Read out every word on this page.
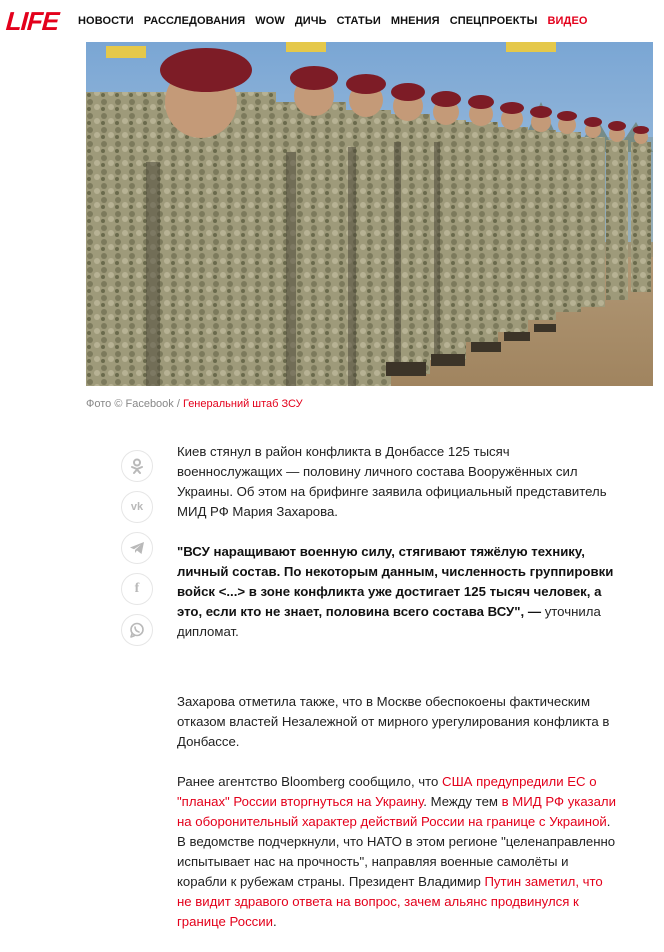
LIFE НОВОСТИ РАССЛЕДОВАНИЯ WOW ДИЧЬ СТАТЬИ МНЕНИЯ СПЕЦПРОЕКТЫ ВИДЕО
Фото © Facebook / Генеральний штаб ЗСУ
vk
f

Киев стянул в район конфликта в Донбассе 125 тысяч военнослужащих — половину личного состава Вооружённых сил Украины. Об этом на брифинге заявила официальный представитель МИД РФ Мария Захарова.

"ВСУ наращивают военную силу, стягивают тяжёлую технику, личный состав. По некоторым данным, численность группировки войск <...> в зоне конфликта уже достигает 125 тысяч человек, а это, если кто не знает, половина всего состава ВСУ", — уточнила дипломат.

Захарова отметила также, что в Москве обеспокоены фактическим отказом властей Незалежной от мирного урегулирования конфликта в Донбассе.

Ранее агентство Bloomberg сообщило, что США предупредили ЕС о "планах" России вторгнуться на Украину. Между тем в МИД РФ указали на оборонительный характер действий России на границе с Украиной. В ведомстве подчеркнули, что НАТО в этом регионе "целенаправленно испытывает нас на прочность", направляя военные самолёты и корабли к рубежам страны. Президент Владимир Путин заметил, что не видит здравого ответа на вопрос, зачем альянс продвинулся к границе России.
